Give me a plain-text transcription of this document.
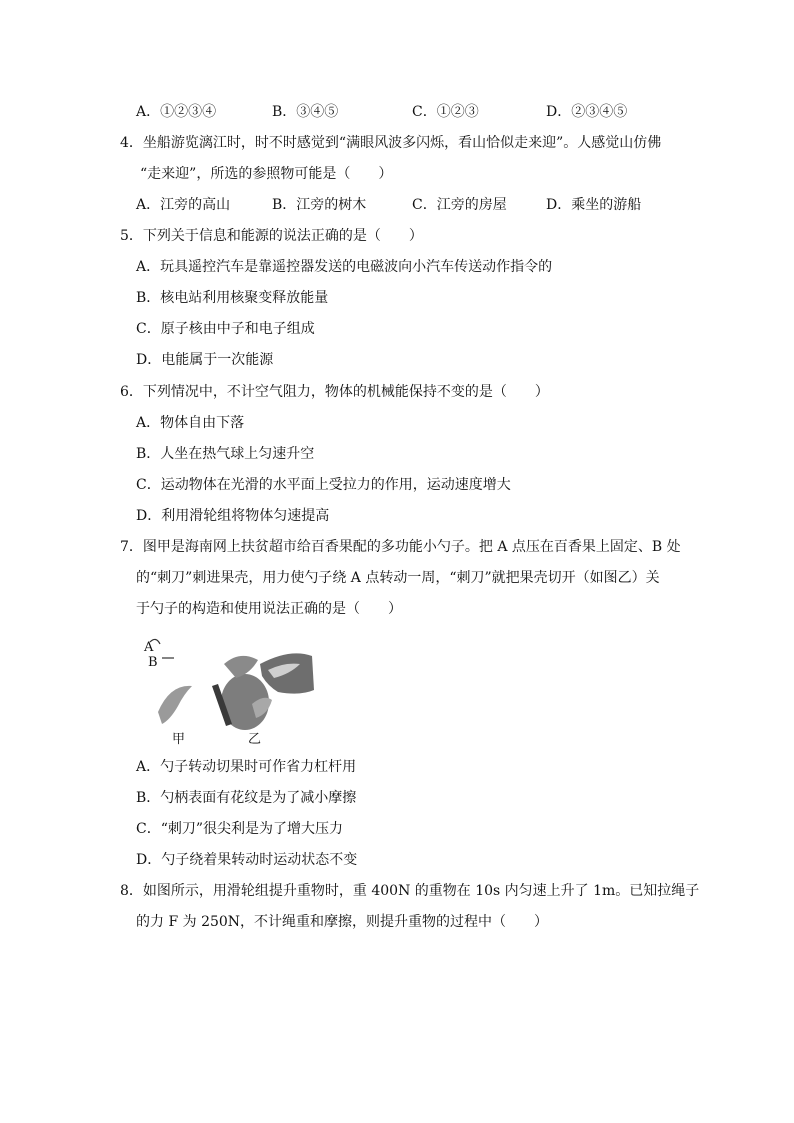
A．①②③④	B．③④⑤	C．①②③	D．②③④⑤
4．坐船游览漓江时，时不时感觉到“满眼风波多闪烁，看山恰似走来迎”。人感觉山仿佛
“走来迎”，所选的参照物可能是（　　）
A．江旁的高山	B．江旁的树木	C．江旁的房屋	D．乘坐的游船
5．下列关于信息和能源的说法正确的是（　　）
A．玩具遥控汽车是靠遥控器发送的电磁波向小汽车传送动作指令的
B．核电站利用核聚变释放能量
C．原子核由中子和电子组成
D．电能属于一次能源
6．下列情况中，不计空气阻力，物体的机械能保持不变的是（　　）
A．物体自由下落
B．人坐在热气球上匀速升空
C．运动物体在光滑的水平面上受拉力的作用，运动速度增大
D．利用滑轮组将物体匀速提高
7．图甲是海南网上扶贫超市给百香果配的多功能小勺子。把 A 点压在百香果上固定、B 处
的“刺刀”刺进果壳，用力使勺子绕 A 点转动一周，“刺刀”就把果壳切开（如图乙）关
于勺子的构造和使用说法正确的是（　　）
A
B
甲	乙
A．勺子转动切果时可作省力杠杆用
B．勺柄表面有花纹是为了减小摩擦
C．“刺刀”很尖利是为了增大压力
D．勺子绕着果转动时运动状态不变
8．如图所示，用滑轮组提升重物时，重 400N 的重物在 10s 内匀速上升了 1m。已知拉绳子
的力 F 为 250N，不计绳重和摩擦，则提升重物的过程中（　　）
